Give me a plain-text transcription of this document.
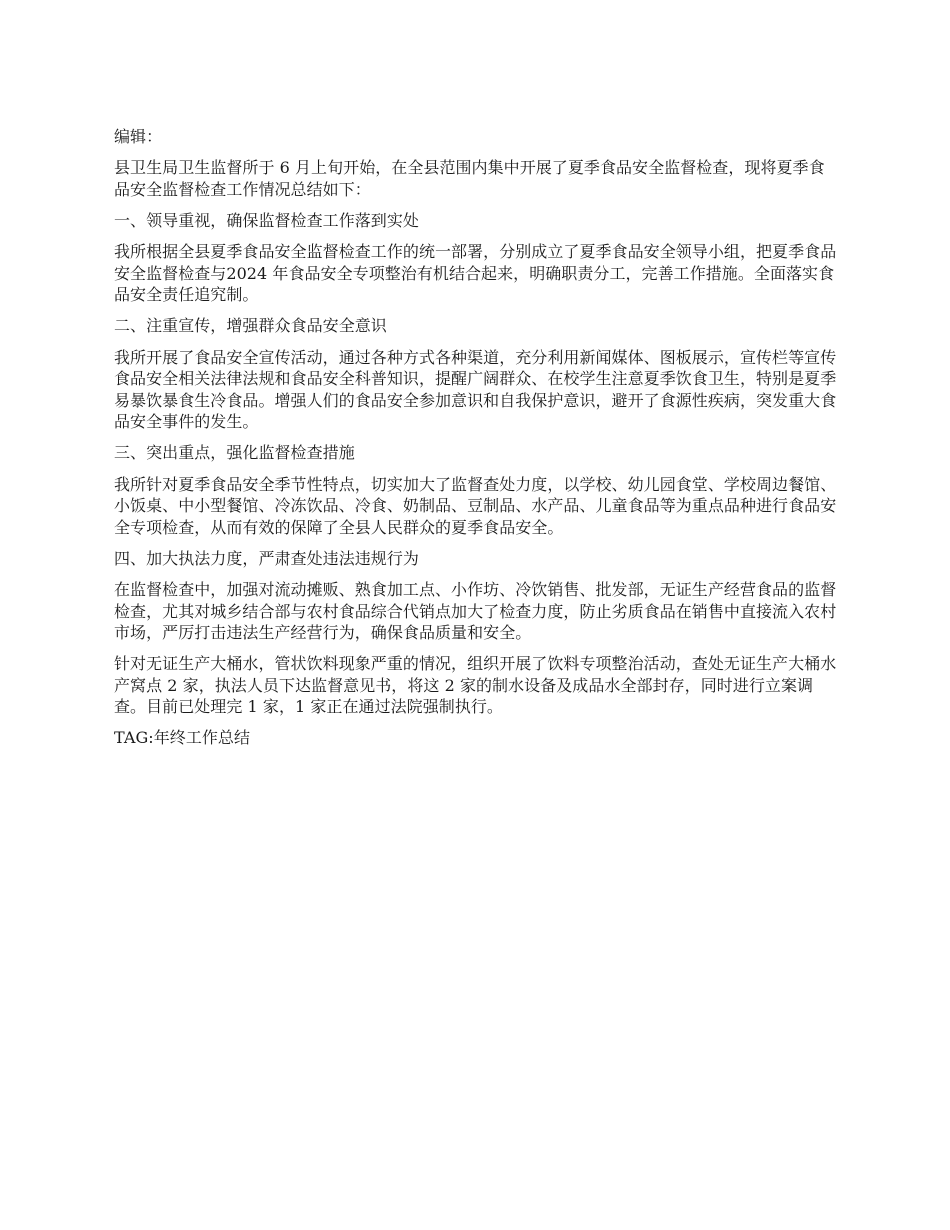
编辑：

县卫生局卫生监督所于 6 月上旬开始，在全县范围内集中开展了夏季食品安全监督检查，现将夏季食品安全监督检查工作情况总结如下：

一、领导重视，确保监督检查工作落到实处

我所根据全县夏季食品安全监督检查工作的统一部署，分别成立了夏季食品安全领导小组，把夏季食品安全监督检查与2024 年食品安全专项整治有机结合起来，明确职责分工，完善工作措施。全面落实食品安全责任追究制。

二、注重宣传，增强群众食品安全意识

我所开展了食品安全宣传活动，通过各种方式各种渠道，充分利用新闻媒体、图板展示，宣传栏等宣传食品安全相关法律法规和食品安全科普知识，提醒广阔群众、在校学生注意夏季饮食卫生，特别是夏季易暴饮暴食生冷食品。增强人们的食品安全参加意识和自我保护意识，避开了食源性疾病，突发重大食品安全事件的发生。

三、突出重点，强化监督检查措施

我所针对夏季食品安全季节性特点，切实加大了监督查处力度，以学校、幼儿园食堂、学校周边餐馆、小饭桌、中小型餐馆、冷冻饮品、冷食、奶制品、豆制品、水产品、儿童食品等为重点品种进行食品安全专项检查，从而有效的保障了全县人民群众的夏季食品安全。

四、加大执法力度，严肃查处违法违规行为

在监督检查中，加强对流动摊贩、熟食加工点、小作坊、冷饮销售、批发部，无证生产经营食品的监督检查，尤其对城乡结合部与农村食品综合代销点加大了检查力度，防止劣质食品在销售中直接流入农村市场，严厉打击违法生产经营行为，确保食品质量和安全。

针对无证生产大桶水，管状饮料现象严重的情况，组织开展了饮料专项整治活动，查处无证生产大桶水产窝点 2 家，执法人员下达监督意见书，将这 2 家的制水设备及成品水全部封存，同时进行立案调查。目前已处理完 1 家，1 家正在通过法院强制执行。

TAG:年终工作总结
